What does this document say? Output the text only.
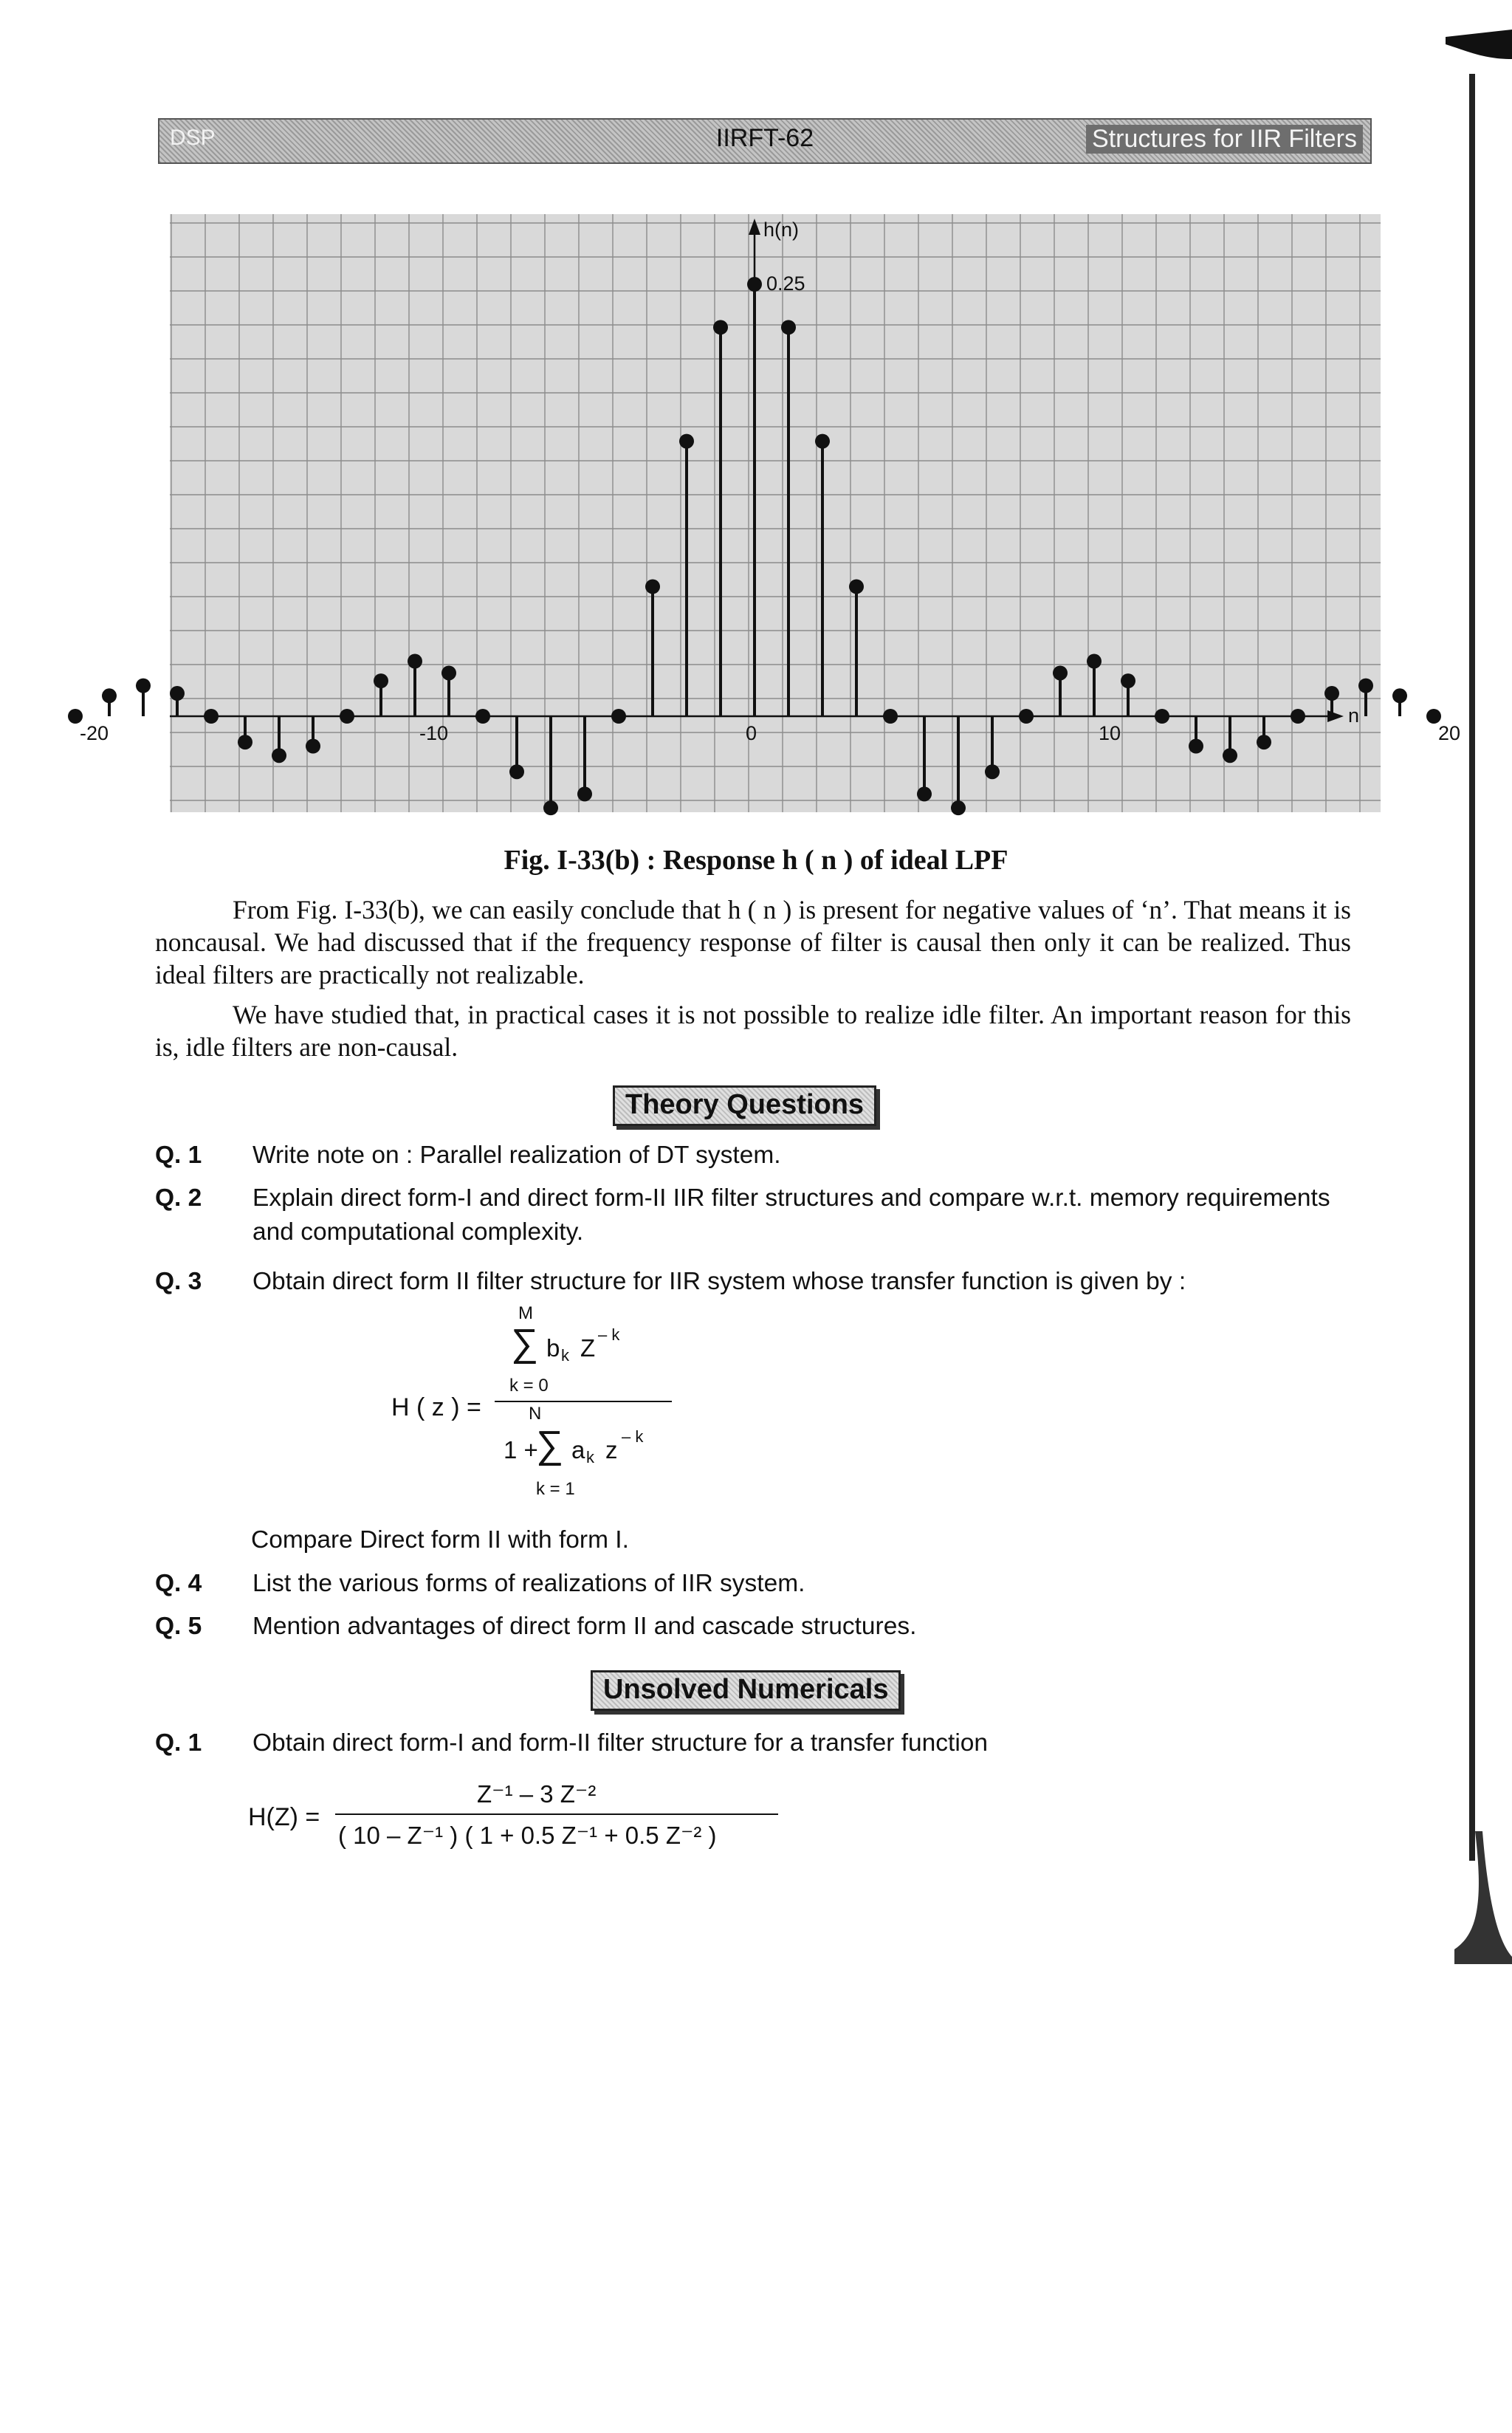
DSP	IIRFT-62	Structures for IIR Filters
-20	-10	0	10	20
h(n)
n
0.25
Fig. I-33(b) : Response h ( n ) of ideal LPF
From Fig. I-33(b), we can easily conclude that h ( n ) is present for negative values of ‘n’. That means it is noncausal. We had discussed that if the frequency response of filter is causal then only it can be realized. Thus ideal filters are practically not realizable.
We have studied that, in practical cases it is not possible to realize idle filter. An important reason for this is, idle filters are non-causal.
Theory Questions
Q. 1 Write note on : Parallel realization of DT system.
Q. 2 Explain direct form-I and direct form-II IIR filter structures and compare w.r.t. memory requirements and computational complexity.
Q. 3 Obtain direct form II filter structure for IIR system whose transfer function is given by :
H ( z ) =
M
∑ b k Z – k
k = 0
N
1 +
∑ a k z – k
k = 1
Compare Direct form II with form I.
Q. 4 List the various forms of realizations of IIR system.
Q. 5 Mention advantages of direct form II and cascade structures.
Unsolved Numericals
Q. 1 Obtain direct form-I and form-II filter structure for a transfer function
H(Z) =
Z⁻¹ – 3 Z⁻²
( 10 – Z⁻¹ ) ( 1 + 0.5 Z⁻¹ + 0.5 Z⁻² )
